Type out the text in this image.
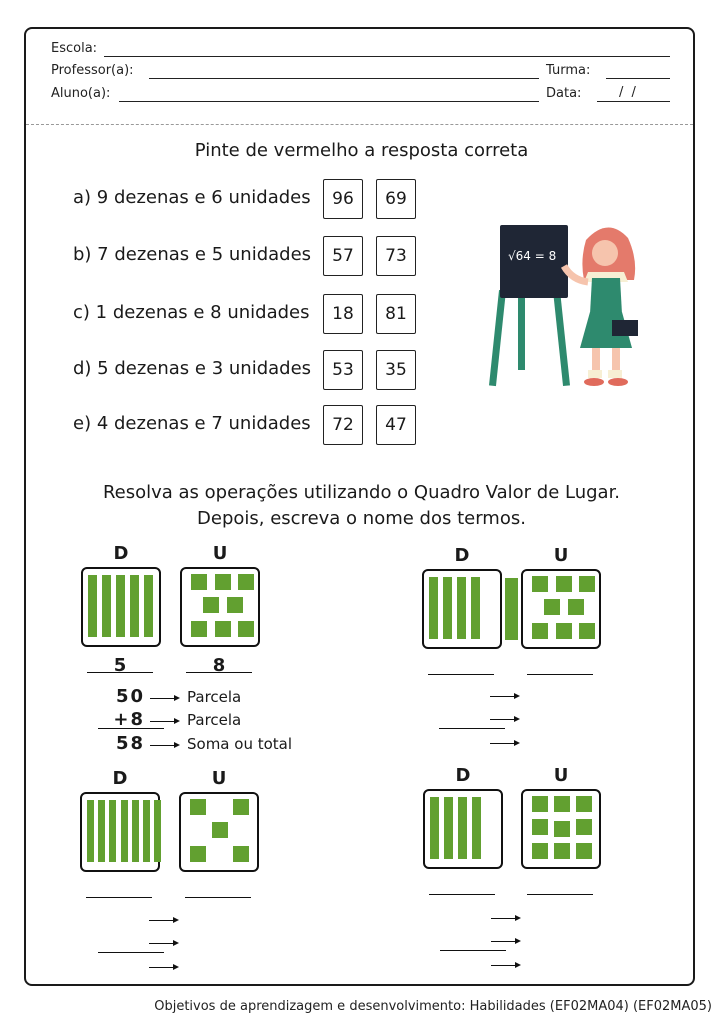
Escola:
Professor(a):	Turma:
Aluno(a):	Data:	/ /
Pinte de vermelho a resposta correta
a) 9 dezenas e 6 unidades	96	69
b) 7 dezenas e 5 unidades	57	73
c) 1 dezenas e 8 unidades	18	81
d) 5 dezenas e 3 unidades	53	35
e) 4 dezenas e 7 unidades	72	47
√64 = 8
Resolva as operações utilizando o Quadro Valor de Lugar.
Depois, escreva o nome dos termos.
D	U
5	8
50	Parcela
+8	Parcela
58	Soma ou total
D	U
D	U	D	U
Objetivos de aprendizagem e desenvolvimento: Habilidades (EF02MA04) (EF02MA05)
